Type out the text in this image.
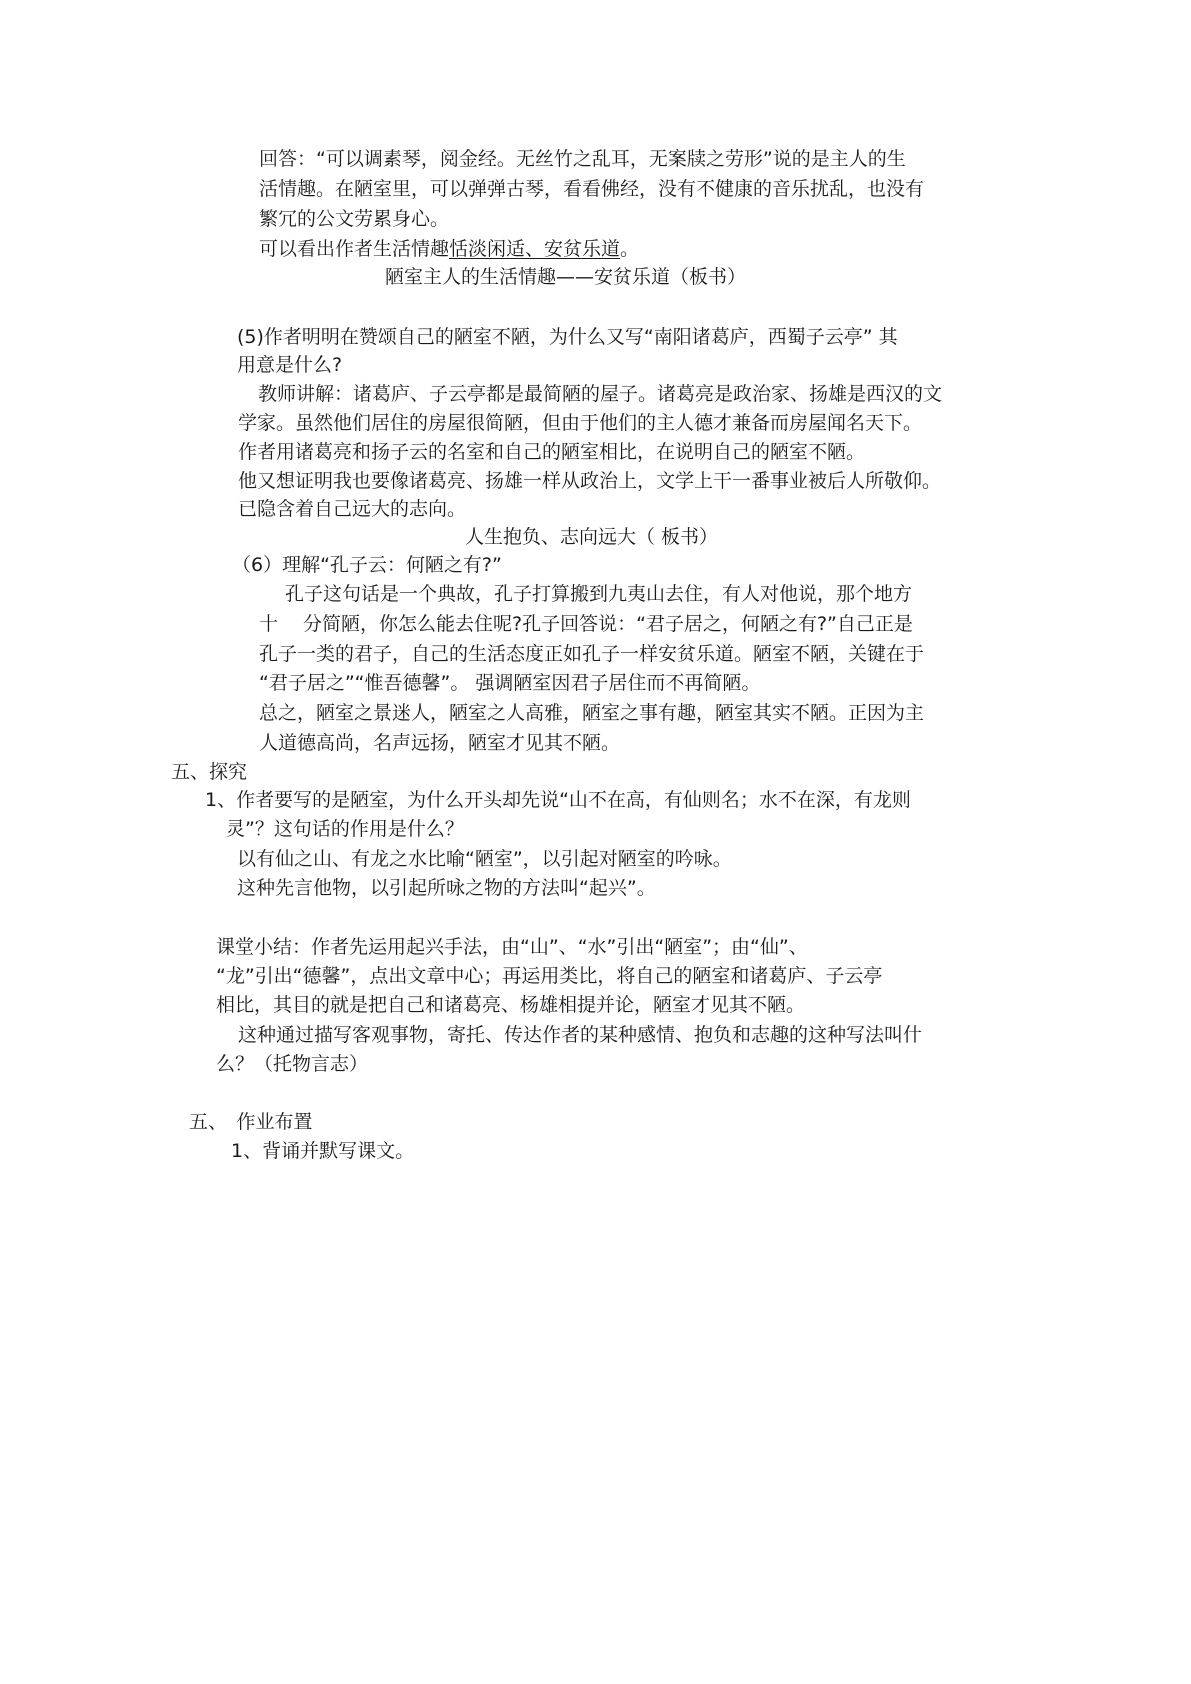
回答：“可以调素琴，阅金经。无丝竹之乱耳，无案牍之劳形”说的是主人的生

活情趣。在陋室里，可以弹弹古琴，看看佛经，没有不健康的音乐扰乱，也没有

繁冗的公文劳累身心。

可以看出作者生活情趣恬淡闲适、安贫乐道。

陋室主人的生活情趣——安贫乐道（板书）

(5)作者明明在赞颂自己的陋室不陋，为什么又写“南阳诸葛庐，西蜀子云亭” 其

用意是什么?

教师讲解：诸葛庐、子云亭都是最简陋的屋子。诸葛亮是政治家、扬雄是西汉的文

学家。虽然他们居住的房屋很简陋，但由于他们的主人德才兼备而房屋闻名天下。

作者用诸葛亮和扬子云的名室和自己的陋室相比，在说明自己的陋室不陋。

他又想证明我也要像诸葛亮、扬雄一样从政治上，文学上干一番事业被后人所敬仰。

已隐含着自己远大的志向。

人生抱负、志向远大（ 板书）

（6）理解“孔子云：何陋之有?”

孔子这句话是一个典故，孔子打算搬到九夷山去住，有人对他说，那个地方

十　 分简陋，你怎么能去住呢?孔子回答说：“君子居之，何陋之有?”自己正是

孔子一类的君子，自己的生活态度正如孔子一样安贫乐道。陋室不陋，关键在于

“君子居之”“惟吾德馨”。 强调陋室因君子居住而不再简陋。

总之，陋室之景迷人，陋室之人高雅，陋室之事有趣，陋室其实不陋。正因为主

人道德高尚，名声远扬，陋室才见其不陋。

五、探究

1、作者要写的是陋室，为什么开头却先说“山不在高，有仙则名；水不在深，有龙则

灵”？这句话的作用是什么？

以有仙之山、有龙之水比喻“陋室”，以引起对陋室的吟咏。

这种先言他物，以引起所咏之物的方法叫“起兴”。

课堂小结：作者先运用起兴手法，由“山”、“水”引出“陋室”；由“仙”、

“龙”引出“德馨”，点出文章中心；再运用类比，将自己的陋室和诸葛庐、子云亭

相比，其目的就是把自己和诸葛亮、杨雄相提并论，陋室才见其不陋。

这种通过描写客观事物，寄托、传达作者的某种感情、抱负和志趣的这种写法叫什

么？（托物言志）

五、　作业布置

1、背诵并默写课文。
